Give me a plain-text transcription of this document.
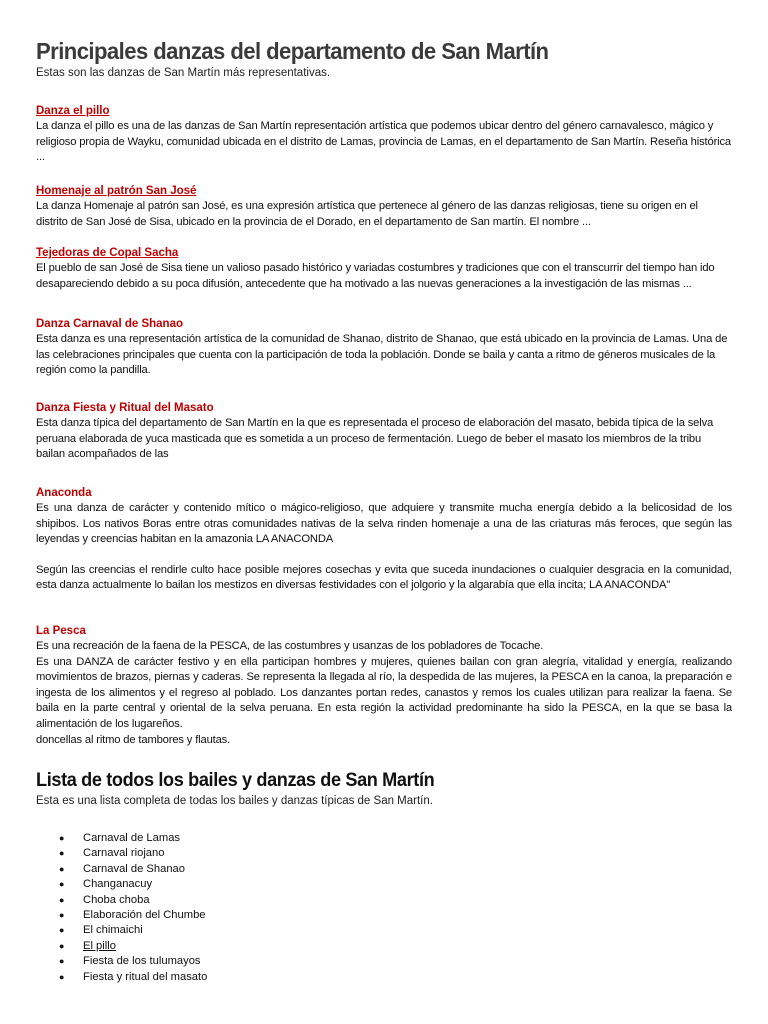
Principales danzas del departamento de San Martín

Estas son las danzas de San Martín más representativas.

Danza el pillo

La danza el pillo es una de las danzas de San Martín representación artística que podemos ubicar dentro del género carnavalesco, mágico y religioso propia de Wayku, comunidad ubicada en el distrito de Lamas, provincia de Lamas, en el departamento de San Martín. Reseña histórica ...

Homenaje al patrón San José

La danza Homenaje al patrón san José, es una expresión artística que pertenece al género de las danzas religiosas, tiene su origen en el distrito de San José de Sisa, ubicado en la provincia de el Dorado, en el departamento de San martín. El nombre ...

Tejedoras de Copal Sacha

El pueblo de san José de Sisa tiene un valioso pasado histórico y variadas costumbres y tradiciones que con el transcurrir del tiempo han ido desapareciendo debido a su poca difusión, antecedente que ha motivado a las nuevas generaciones a la investigación de las mismas ...

Danza Carnaval de Shanao

Esta danza es una representación artística de la comunidad de Shanao, distrito de Shanao, que está ubicado en la provincia de Lamas. Una de las celebraciones principales que cuenta con la participación de toda la población. Donde se baila y canta a ritmo de géneros musicales de la región como la pandilla.

Danza Fiesta y Ritual del Masato

Esta danza típica del departamento de San Martín en la que es representada el proceso de elaboración del masato, bebida típica de la selva peruana elaborada de yuca masticada que es sometida a un proceso de fermentación. Luego de beber el masato los miembros de la tribu bailan acompañados de las

Anaconda

Es una danza de carácter y contenido mítico o mágico-religioso, que adquiere y transmite mucha energía debido a la belicosidad de los shipibos. Los nativos Boras entre otras comunidades nativas de la selva rinden homenaje a una de las criaturas más feroces, que según las leyendas y creencias habitan en la amazonia LA ANACONDA

Según las creencias el rendirle culto hace posible mejores cosechas y evita que suceda inundaciones o cualquier desgracia en la comunidad, esta danza actualmente lo bailan los mestizos en diversas festividades con el jolgorio y la algarabía que ella incita; LA ANACONDA"

La Pesca

Es una recreación de la faena de la PESCA, de las costumbres y usanzas de los pobladores de Tocache.

Es una DANZA de carácter festivo y en ella participan hombres y mujeres, quienes bailan con gran alegría, vitalidad y energía, realizando movimientos de brazos, piernas y caderas. Se representa la llegada al río, la despedida de las mujeres, la PESCA en la canoa, la preparación e ingesta de los alimentos y el regreso al poblado. Los danzantes portan redes, canastos y remos los cuales utilizan para realizar la faena. Se baila en la parte central y oriental de la selva peruana. En esta región la actividad predominante ha sido la PESCA, en la que se basa la alimentación de los lugareños.

doncellas al ritmo de tambores y flautas.

Lista de todos los bailes y danzas de San Martín

Esta es una lista completa de todas los bailes y danzas típicas de San Martín.

● Carnaval de Lamas
● Carnaval riojano
● Carnaval de Shanao
● Changanacuy
● Choba choba
● Elaboración del Chumbe
● El chimaichi
● El pillo
● Fiesta de los tulumayos
● Fiesta y ritual del masato
